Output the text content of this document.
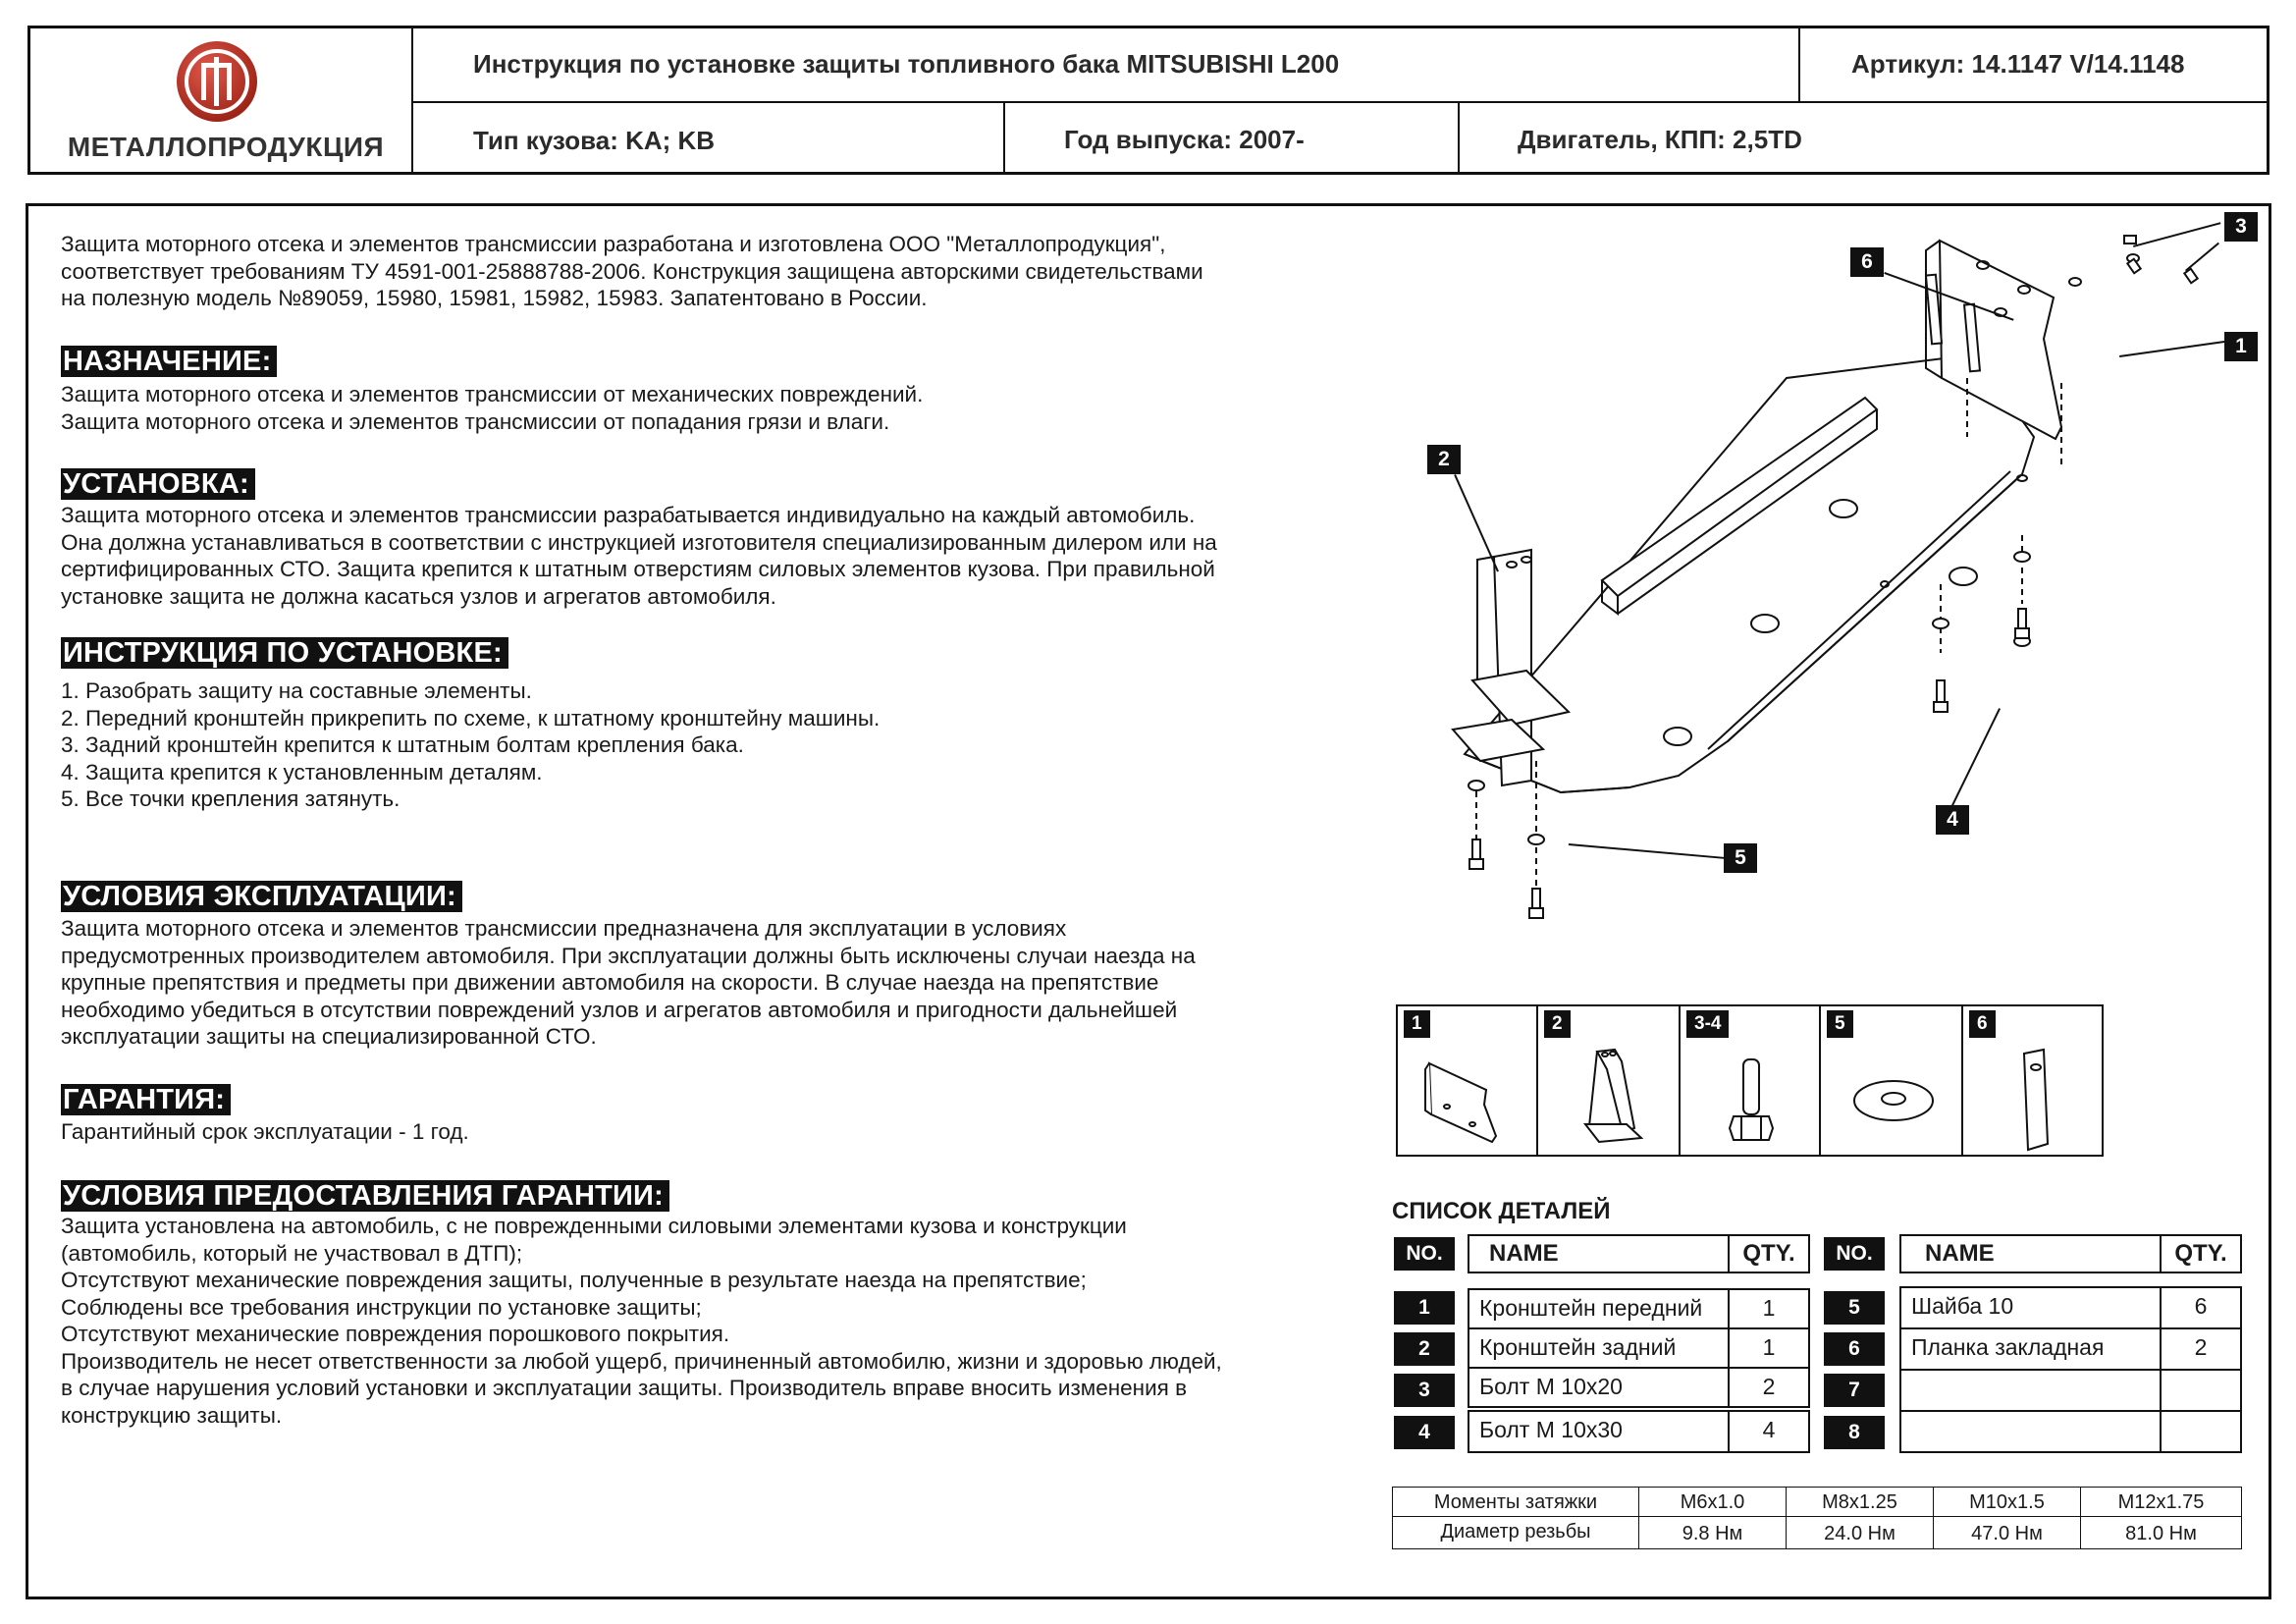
МЕТАЛЛОПРОДУКЦИЯ
Инструкция по установке защиты топливного бака MITSUBISHI L200	Артикул: 14.1147 V/14.1148
Тип кузова: KA; KB	Год выпуска: 2007-	Двигатель, КПП: 2,5TD
Защита моторного отсека и элементов трансмиссии разработана и изготовлена ООО "Металлопродукция",
соответствует требованиям ТУ 4591-001-25888788-2006. Конструкция защищена авторскими свидетельствами
на полезную модель №89059, 15980, 15981, 15982, 15983. Запатентовано в России.
НАЗНАЧЕНИЕ:
Защита моторного отсека и элементов трансмиссии от механических повреждений.
Защита моторного отсека и элементов трансмиссии от попадания грязи и влаги.
УСТАНОВКА:
Защита моторного отсека и элементов трансмиссии разрабатывается индивидуально на каждый автомобиль.
Она должна устанавливаться в соответствии с инструкцией изготовителя специализированным дилером или на
сертифицированных СТО. Защита крепится к штатным отверстиям силовых элементов кузова. При правильной
установке защита не должна касаться узлов и агрегатов автомобиля.
ИНСТРУКЦИЯ ПО УСТАНОВКЕ:
1. Разобрать защиту на составные элементы.
2. Передний кронштейн прикрепить по схеме, к штатному кронштейну машины.
3. Задний кронштейн крепится к штатным болтам крепления бака.
4. Защита крепится к установленным деталям.
5. Все точки крепления затянуть.
УСЛОВИЯ ЭКСПЛУАТАЦИИ:
Защита моторного отсека и элементов трансмиссии предназначена для эксплуатации в условиях
предусмотренных производителем автомобиля. При эксплуатации должны быть исключены случаи наезда на
крупные препятствия и предметы при движении автомобиля на скорости. В случае наезда на препятствие
необходимо убедиться в отсутствии повреждений узлов и агрегатов автомобиля и пригодности дальнейшей
эксплуатации защиты на специализированной СТО.
ГАРАНТИЯ:
Гарантийный срок эксплуатации - 1 год.
УСЛОВИЯ ПРЕДОСТАВЛЕНИЯ ГАРАНТИИ:
Защита установлена на автомобиль, с не поврежденными силовыми элементами кузова и конструкции
(автомобиль, который не участвовал в ДТП);
Отсутствуют механические повреждения защиты, полученные в результате наезда на препятствие;
Соблюдены все требования инструкции по установке защиты;
Отсутствуют механические повреждения порошкового покрытия.
Производитель не несет ответственности за любой ущерб, причиненный автомобилю, жизни и здоровью людей,
в случае нарушения условий установки и эксплуатации защиты. Производитель вправе вносить изменения в
конструкцию защиты.
6
3
1
2
4
5
1	2	3-4	5	6
СПИСОК ДЕТАЛЕЙ
NO.	NAME	QTY.	NO.	NAME	QTY.
1	Кронштейн передний	1
2	Кронштейн задний	1
3	Болт М 10х20	2
4	Болт М 10х30	4
5	Шайба 10	6
6	Планка закладная	2
7
8
Моменты затяжки	M6x1.0	M8x1.25	M10x1.5	M12x1.75
Диаметр резьбы	9.8 Нм	24.0 Нм	47.0 Нм	81.0 Нм
